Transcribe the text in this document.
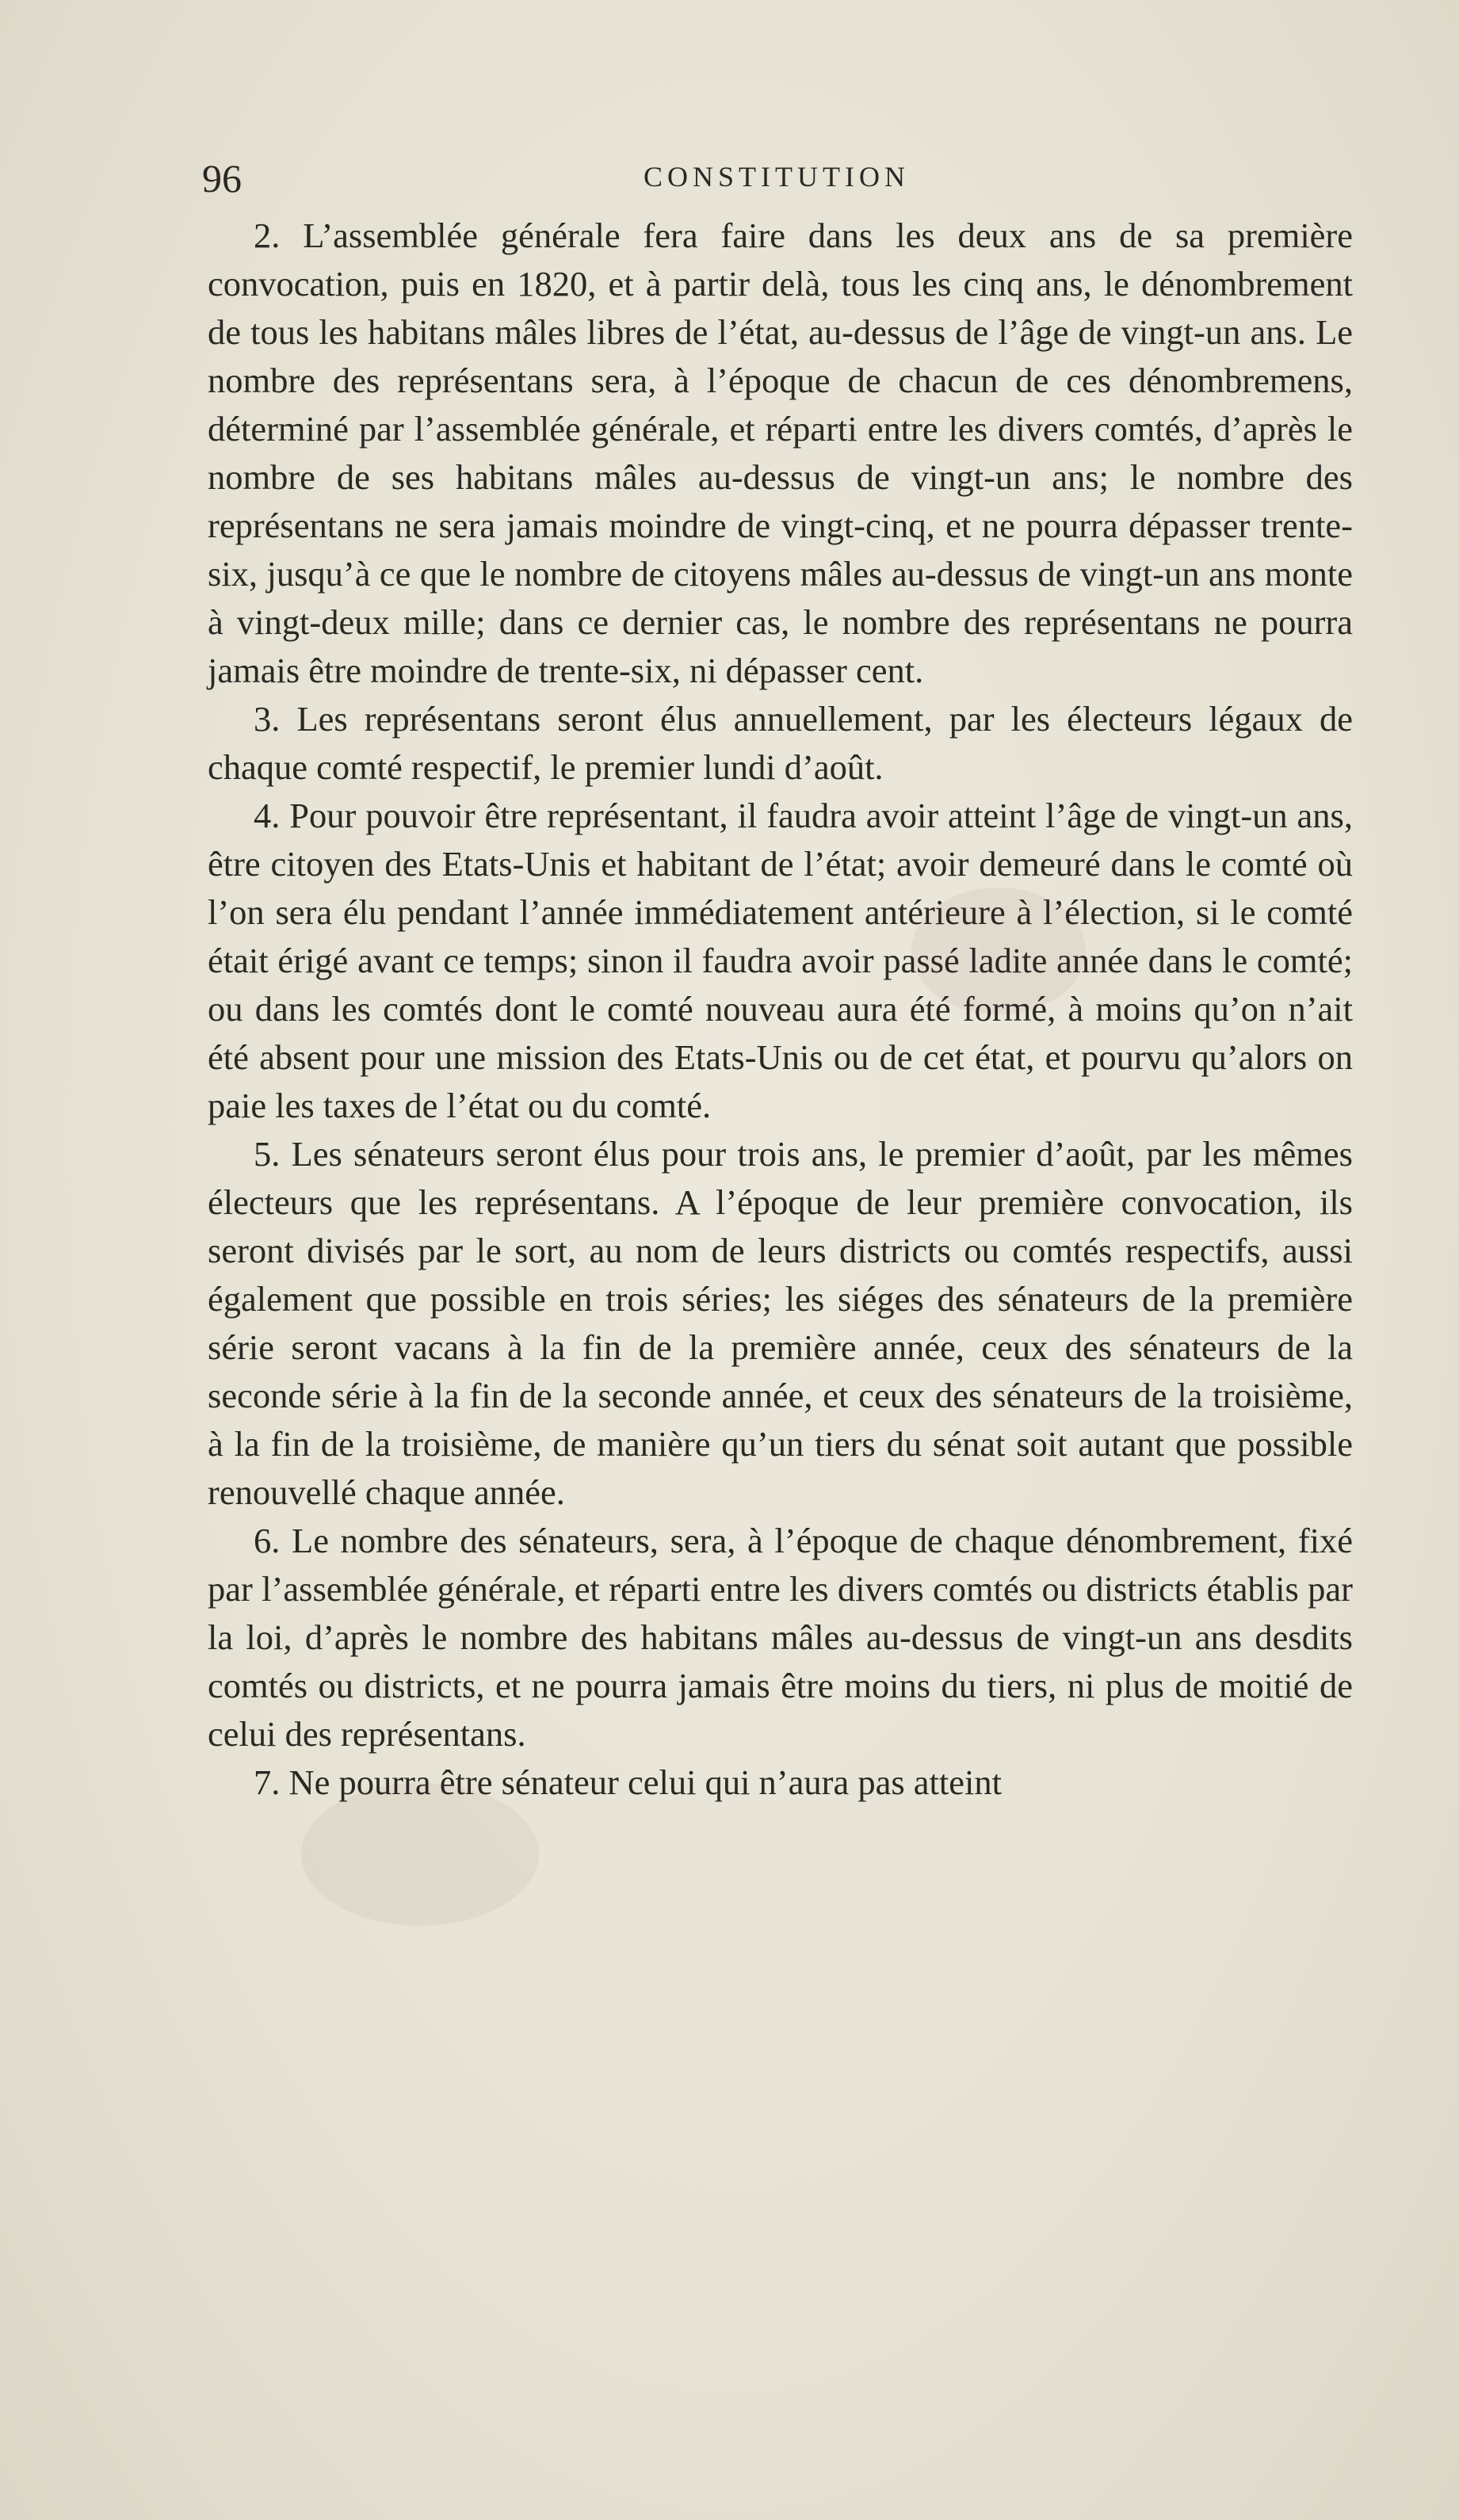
96	CONSTITUTION

2. L’assemblée générale fera faire dans les deux ans de sa première convocation, puis en 1820, et à partir delà, tous les cinq ans, le dénombrement de tous les habitans mâles libres de l’état, au-dessus de l’âge de vingt-un ans. Le nombre des représentans sera, à l’époque de chacun de ces dénombremens, déterminé par l’assemblée générale, et réparti entre les divers comtés, d’après le nombre de ses habitans mâles au-dessus de vingt-un ans; le nombre des représentans ne sera jamais moindre de vingt-cinq, et ne pourra dépasser trente-six, jusqu’à ce que le nombre de citoyens mâles au-dessus de vingt-un ans monte à vingt-deux mille; dans ce dernier cas, le nombre des représentans ne pourra jamais être moindre de trente-six, ni dépasser cent.

3. Les représentans seront élus annuellement, par les électeurs légaux de chaque comté respectif, le premier lundi d’août.

4. Pour pouvoir être représentant, il faudra avoir atteint l’âge de vingt-un ans, être citoyen des Etats-Unis et habitant de l’état; avoir demeuré dans le comté où l’on sera élu pendant l’année immédiatement antérieure à l’élection, si le comté était érigé avant ce temps; sinon il faudra avoir passé ladite année dans le comté; ou dans les comtés dont le comté nouveau aura été formé, à moins qu’on n’ait été absent pour une mission des Etats-Unis ou de cet état, et pourvu qu’alors on paie les taxes de l’état ou du comté.

5. Les sénateurs seront élus pour trois ans, le premier d’août, par les mêmes électeurs que les représentans. A l’époque de leur première convocation, ils seront divisés par le sort, au nom de leurs districts ou comtés respectifs, aussi également que possible en trois séries; les siéges des sénateurs de la première série seront vacans à la fin de la première année, ceux des sénateurs de la seconde série à la fin de la seconde année, et ceux des sénateurs de la troisième, à la fin de la troisième, de manière qu’un tiers du sénat soit autant que possible renouvellé chaque année.

6. Le nombre des sénateurs, sera, à l’époque de chaque dénombrement, fixé par l’assemblée générale, et réparti entre les divers comtés ou districts établis par la loi, d’après le nombre des habitans mâles au-dessus de vingt-un ans desdits comtés ou districts, et ne pourra jamais être moins du tiers, ni plus de moitié de celui des représentans.

7. Ne pourra être sénateur celui qui n’aura pas atteint
